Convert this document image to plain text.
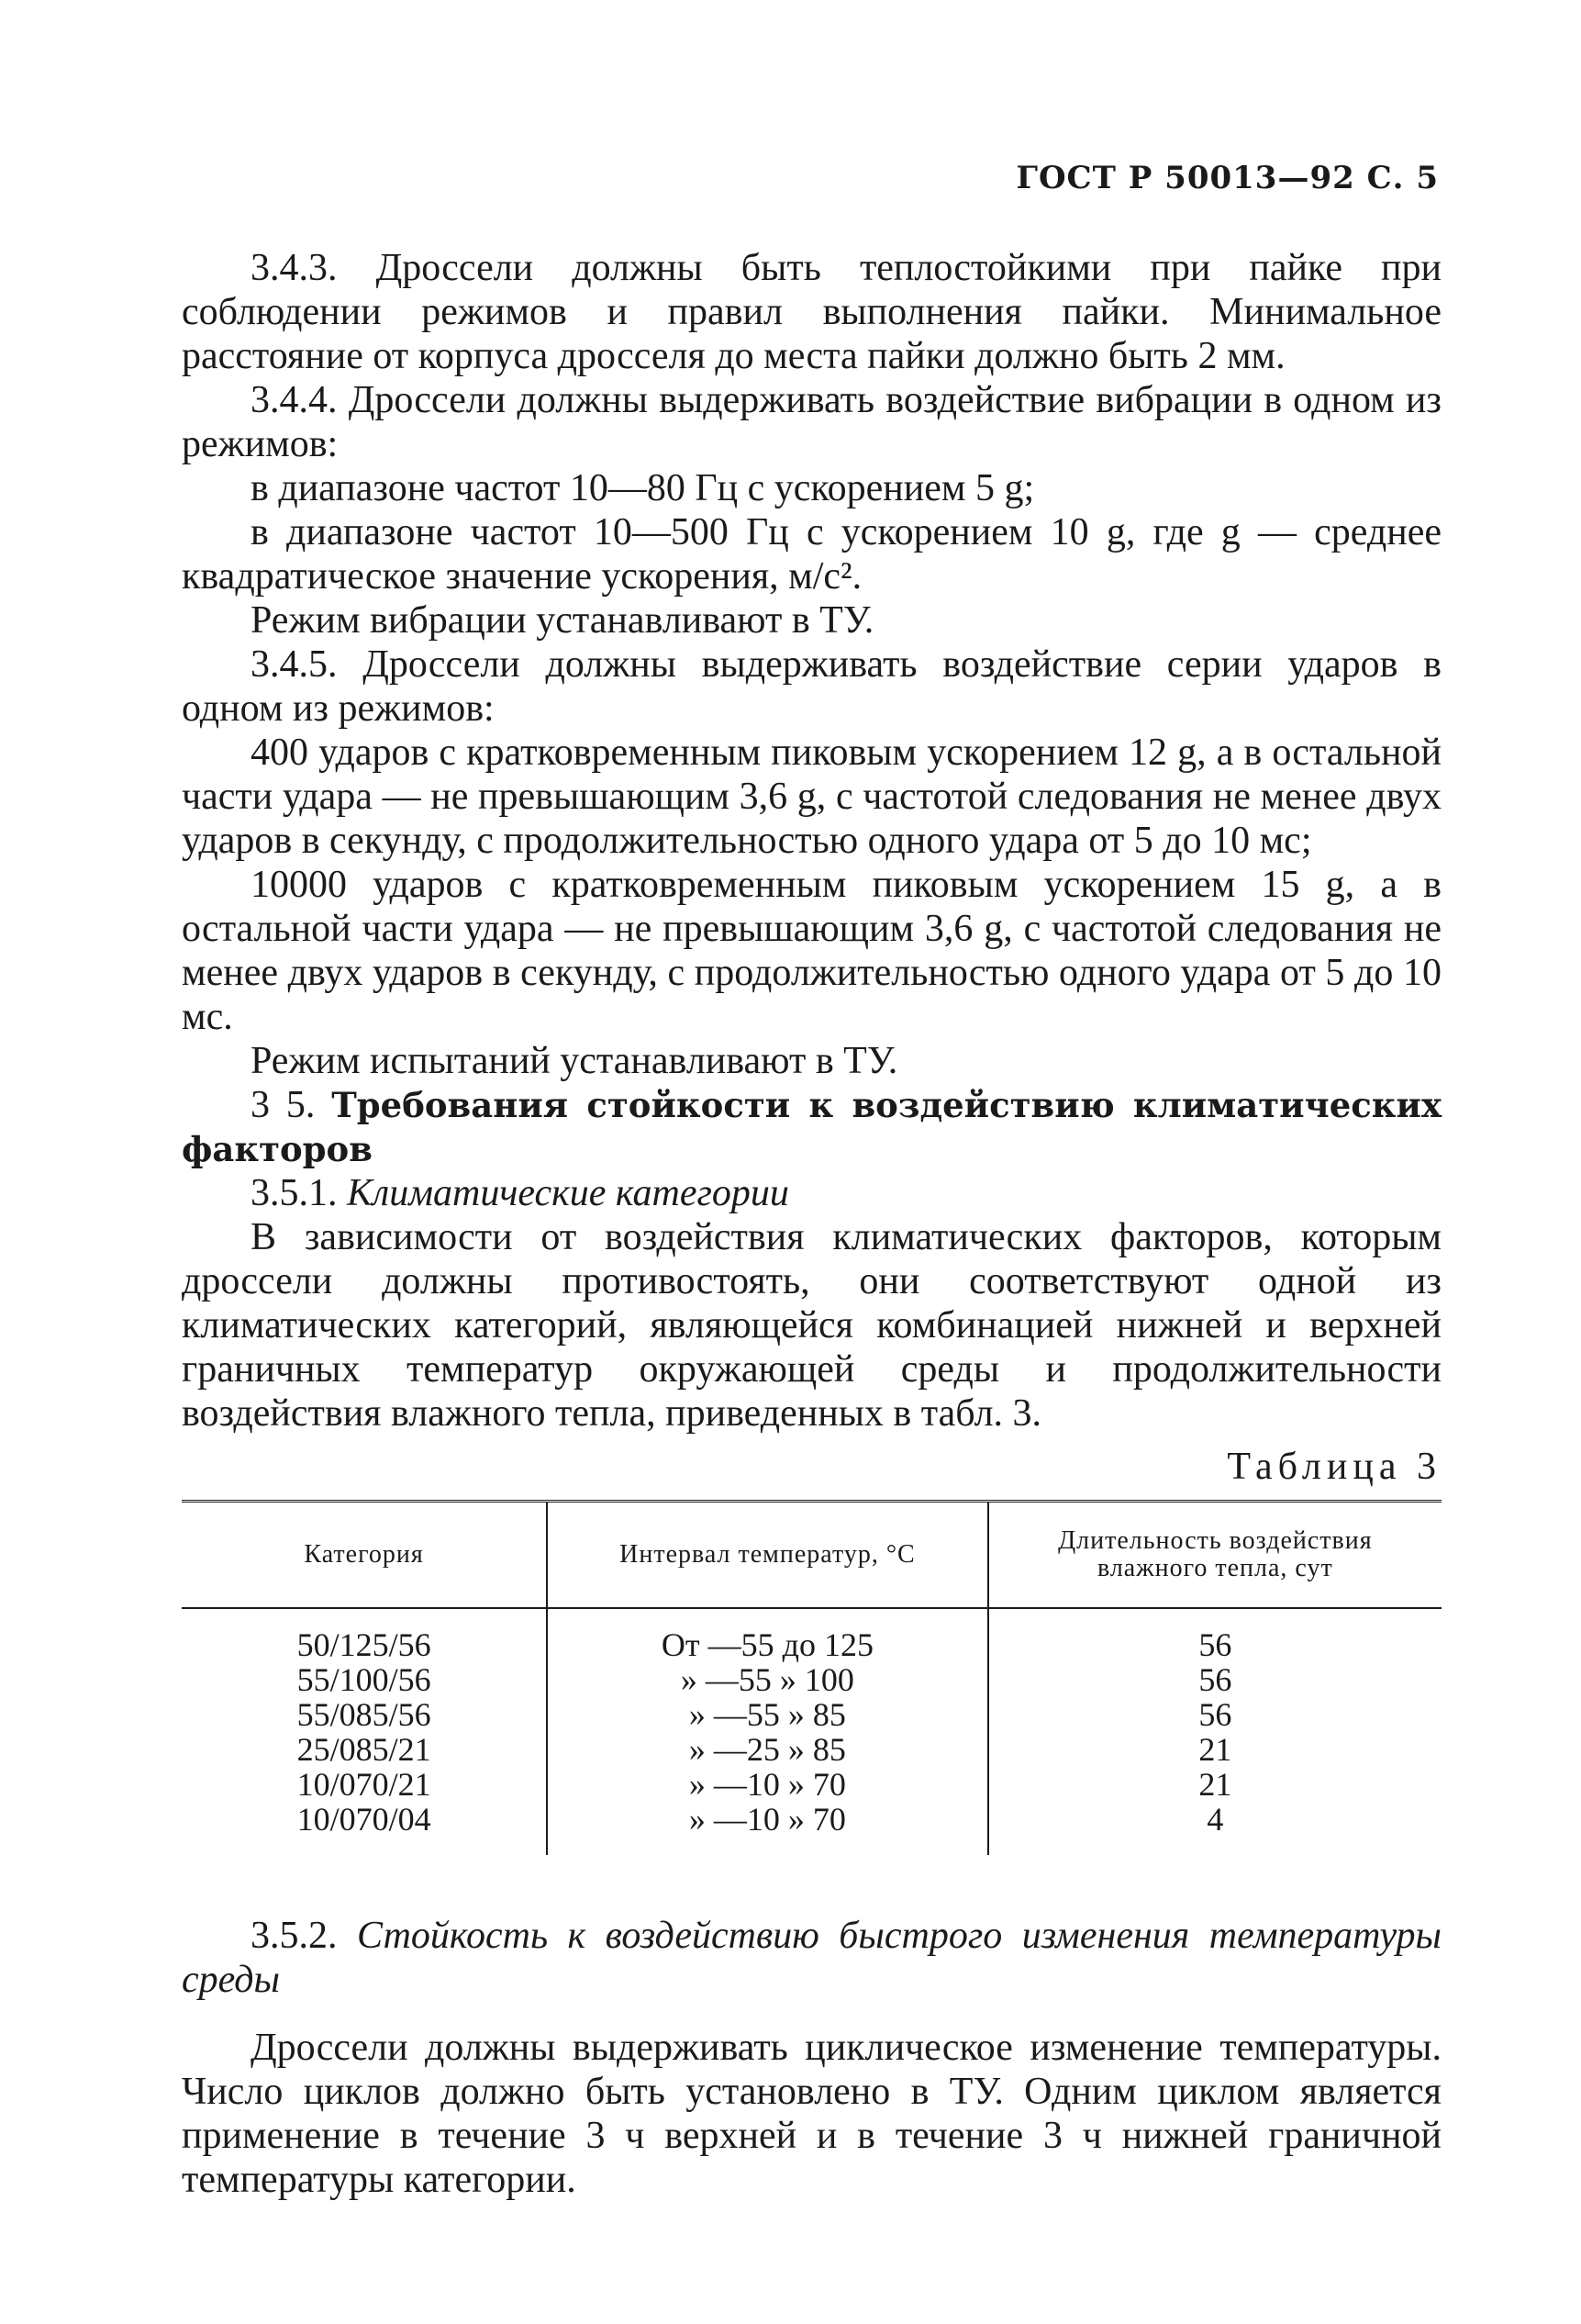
ГОСТ Р 50013—92 С. 5

3.4.3. Дроссели должны быть теплостойкими при пайке при соблюдении режимов и правил выполнения пайки. Минимальное расстояние от корпуса дросселя до места пайки должно быть 2 мм.

3.4.4. Дроссели должны выдерживать воздействие вибрации в одном из режимов:

в диапазоне частот 10—80 Гц с ускорением 5 g;

в диапазоне частот 10—500 Гц с ускорением 10 g, где g — среднее квадратическое значение ускорения, м/с².

Режим вибрации устанавливают в ТУ.

3.4.5. Дроссели должны выдерживать воздействие серии ударов в одном из режимов:

400 ударов с кратковременным пиковым ускорением 12 g, а в остальной части удара — не превышающим 3,6 g, с частотой следования не менее двух ударов в секунду, с продолжительностью одного удара от 5 до 10 мс;

10000 ударов с кратковременным пиковым ускорением 15 g, а в остальной части удара — не превышающим 3,6 g, с частотой следования не менее двух ударов в секунду, с продолжительностью одного удара от 5 до 10 мс.

Режим испытаний устанавливают в ТУ.

3 5. Требования стойкости к воздействию климатических факторов

3.5.1. Климатические категории

В зависимости от воздействия климатических факторов, которым дроссели должны противостоять, они соответствуют одной из климатических категорий, являющейся комбинацией нижней и верхней граничных температур окружающей среды и продолжительности воздействия влажного тепла, приведенных в табл. 3.

Таблица 3
Категория	Интервал температур, °С	Длительность воздействия влажного тепла, сут

50/125/56	От —55 до 125	56
55/100/56	» —55 » 100	56
55/085/56	» —55 » 85	56
25/085/21	» —25 » 85	21
10/070/21	» —10 » 70	21
10/070/04	» —10 » 70	4

3.5.2. Стойкость к воздействию быстрого изменения температуры среды

Дроссели должны выдерживать циклическое изменение температуры. Число циклов должно быть установлено в ТУ. Одним циклом является применение в течение 3 ч верхней и в течение 3 ч нижней граничной температуры категории.
